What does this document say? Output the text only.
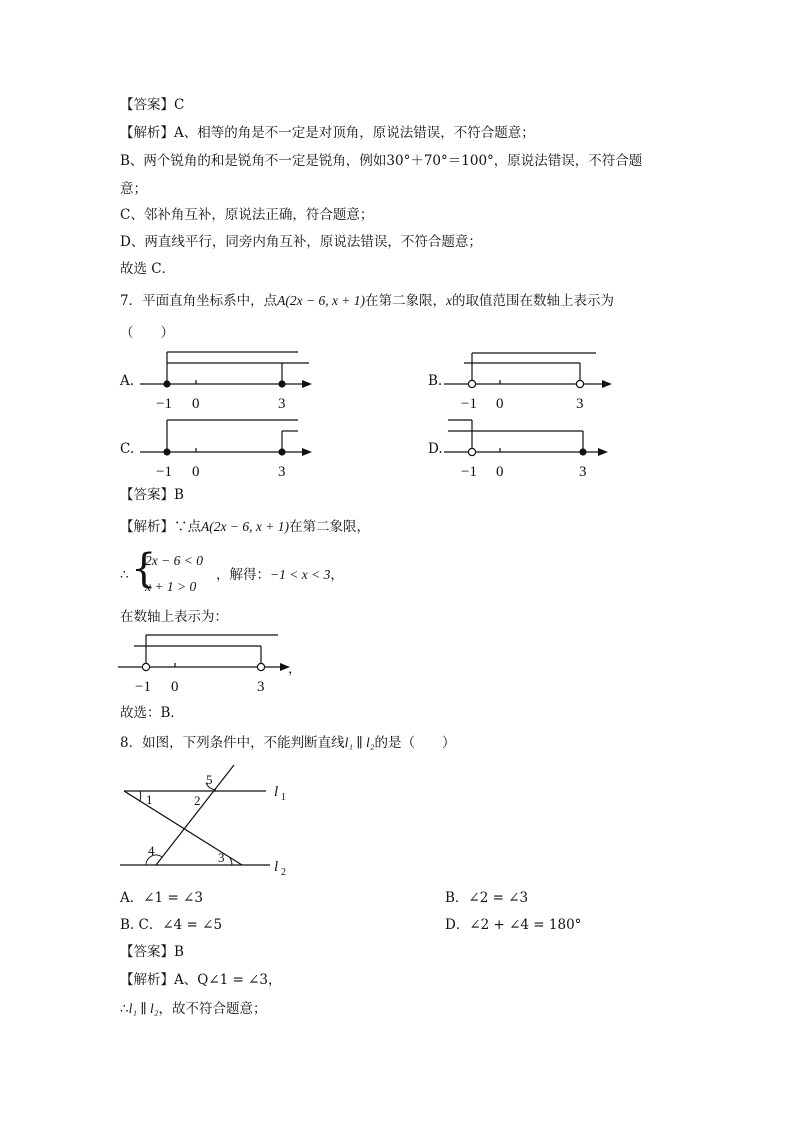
【答案】C
【解析】A、相等的角是不一定是对顶角，原说法错误，不符合题意；
B、两个锐角的和是锐角不一定是锐角，例如30°＋70°＝100°，原说法错误，不符合题
意；
C、邻补角互补，原说法正确，符合题意；
D、两直线平行，同旁内角互补，原说法错误，不符合题意；
故选 C．
7．平面直角坐标系中，点A(2x − 6, x + 1)在第二象限，x的取值范围在数轴上表示为
（　　）
A.	B.
C.	D.
−1 0	3	−1 0	3
−1 0	3	−1 0	3
【答案】B
【解析】∵点A(2x − 6, x + 1)在第二象限，
∴ {
2x − 6 < 0
x + 1 > 0
，解得：−1 < x < 3，
在数轴上表示为：
−1 0	3
，
故选：B．
8．如图，下列条件中，不能判断直线l₁ ∥ l₂的是（　　）
1	2
3
4
5
l 1
l 2
A．∠1 = ∠3	B．∠2 = ∠3
B. C．∠4 = ∠5	D．∠2 + ∠4 = 180°
【答案】B
【解析】A、Q∠1 = ∠3，
∴l₁ ∥ l₂，故不符合题意；
